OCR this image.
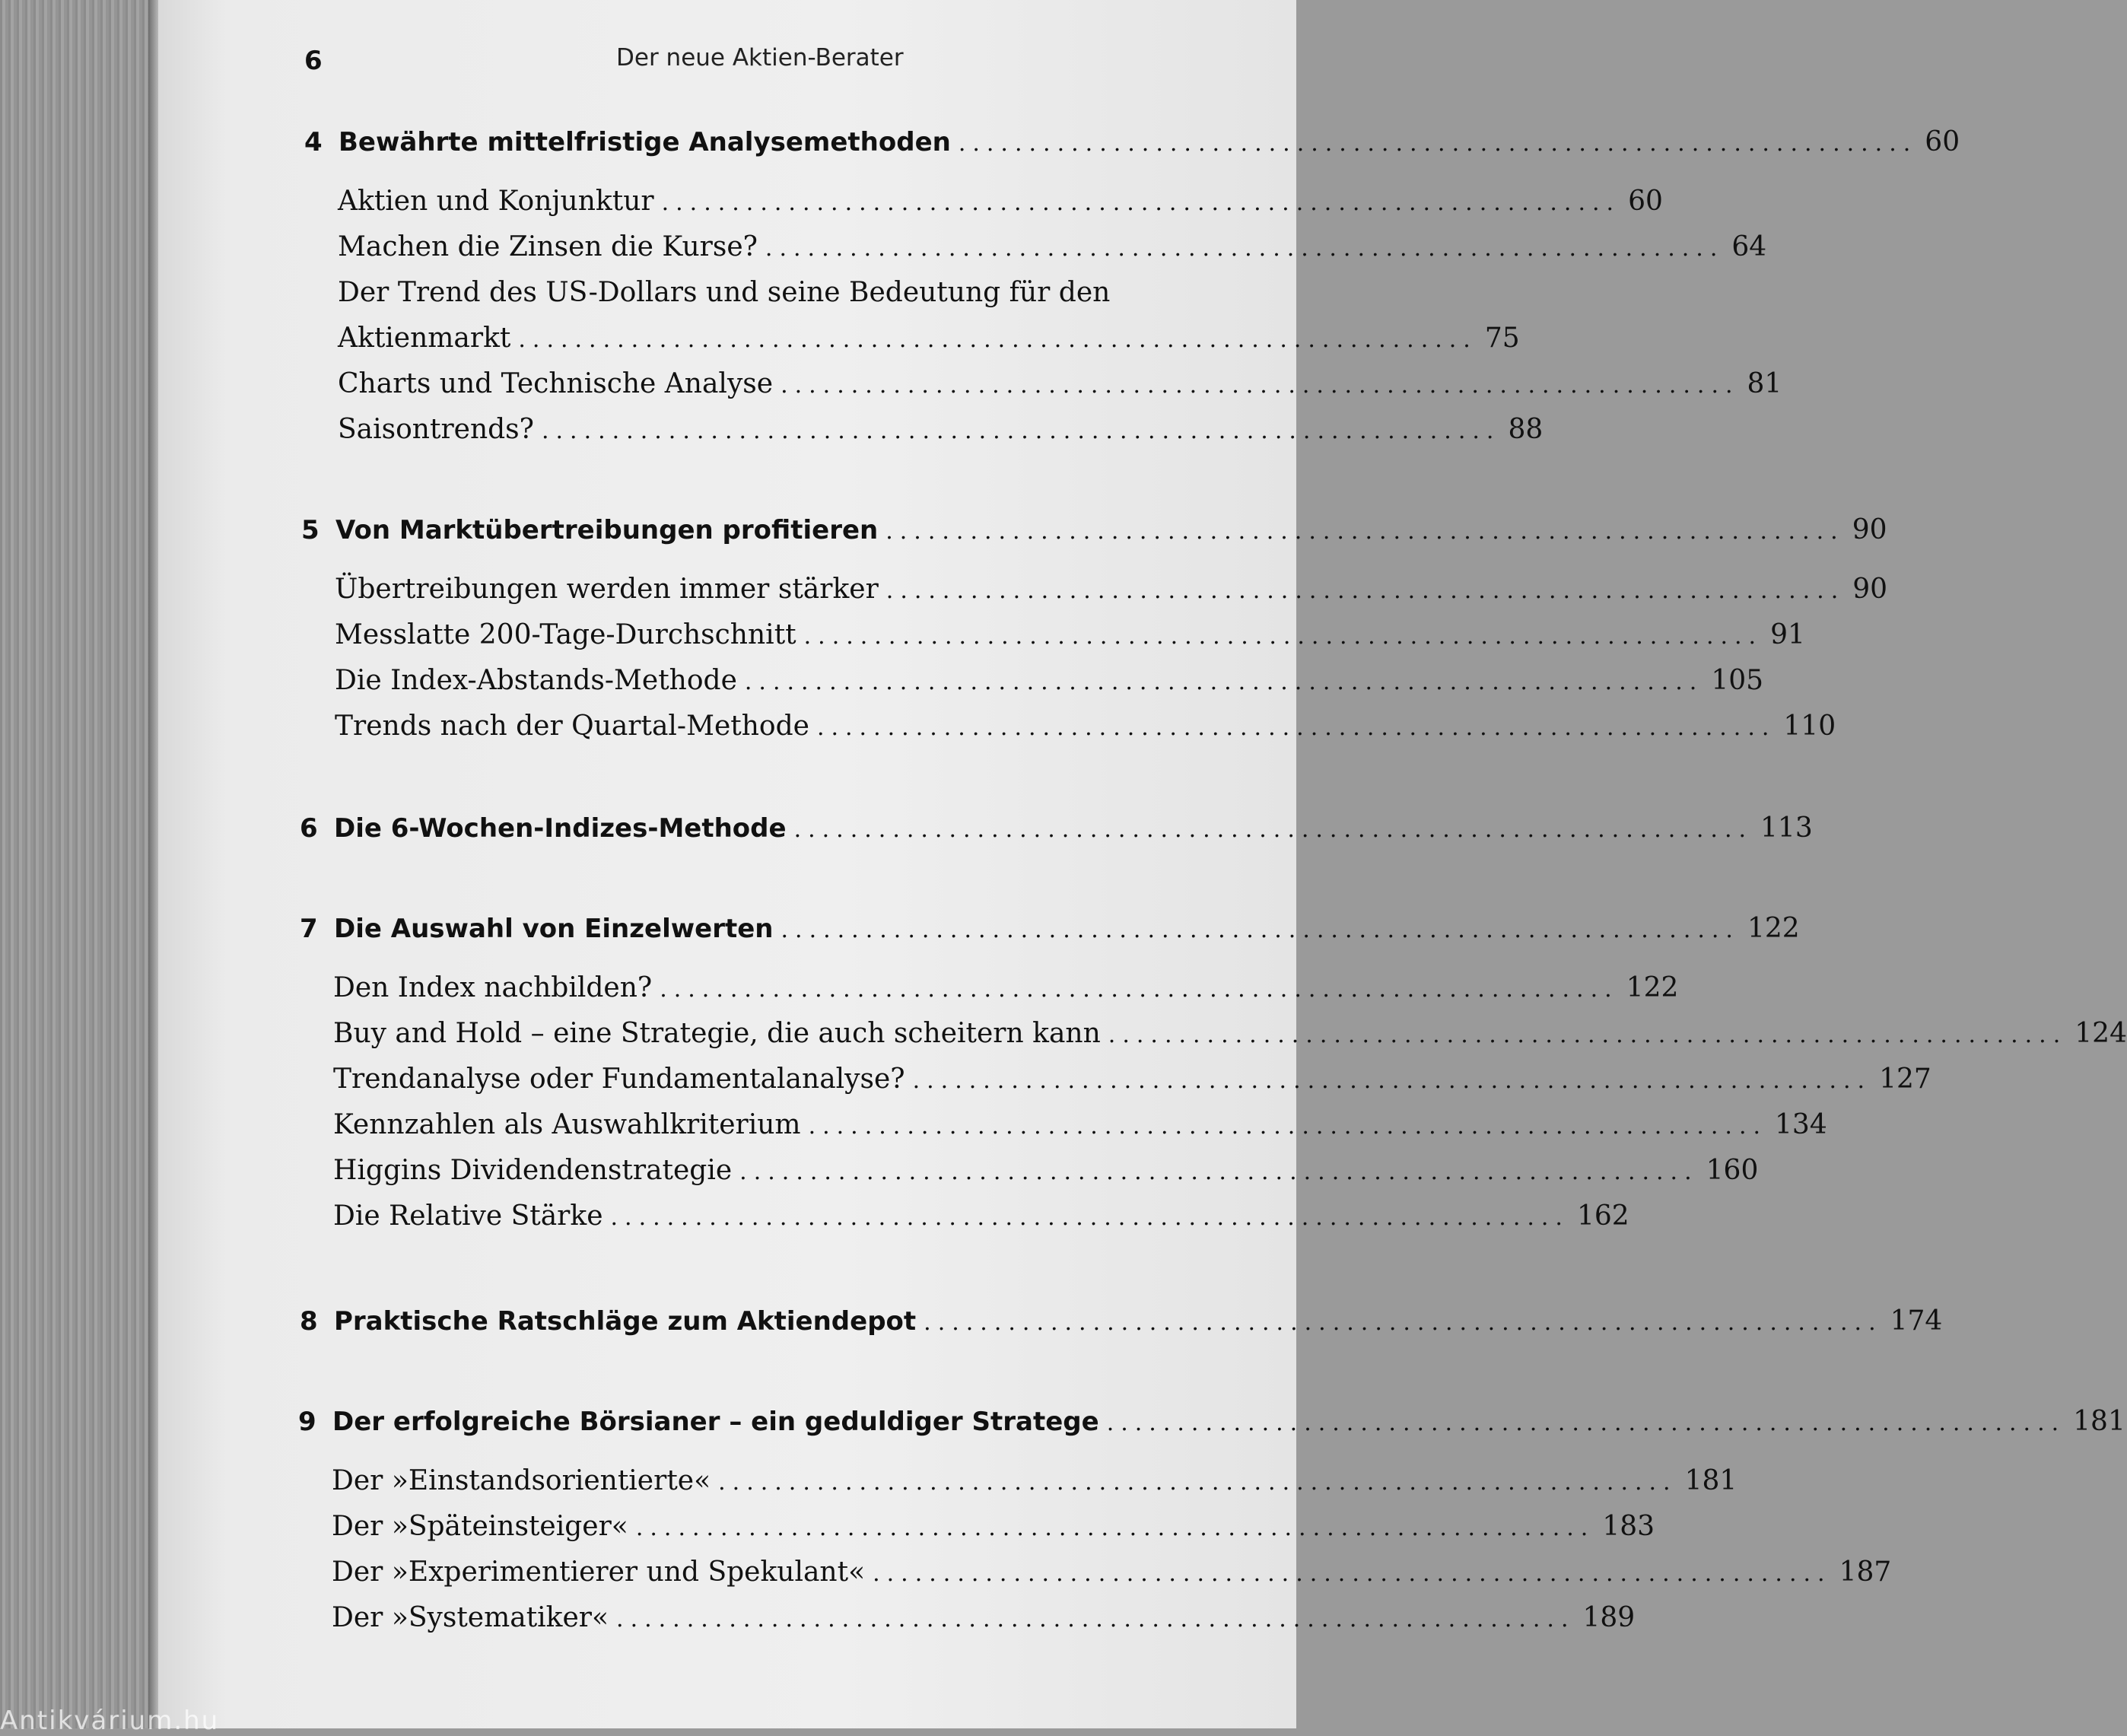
6	Der neue Aktien-Berater
4 Bewährte mittelfristige Analysemethoden .................................................................... 60
Aktien und Konjunktur .................................................................... 60
Machen die Zinsen die Kurse? .................................................................... 64
Der Trend des US-Dollars und seine Bedeutung für den
Aktienmarkt .................................................................... 75
Charts und Technische Analyse .................................................................... 81
Saisontrends? .................................................................... 88
5 Von Marktübertreibungen profitieren .................................................................... 90
Übertreibungen werden immer stärker .................................................................... 90
Messlatte 200-Tage-Durchschnitt .................................................................... 91
Die Index-Abstands-Methode .................................................................... 105
Trends nach der Quartal-Methode .................................................................... 110
6 Die 6-Wochen-Indizes-Methode .................................................................... 113
7 Die Auswahl von Einzelwerten .................................................................... 122
Den Index nachbilden? .................................................................... 122
Buy and Hold – eine Strategie, die auch scheitern kann .................................................................... 124
Trendanalyse oder Fundamentalanalyse? .................................................................... 127
Kennzahlen als Auswahlkriterium .................................................................... 134
Higgins Dividendenstrategie .................................................................... 160
Die Relative Stärke .................................................................... 162
8 Praktische Ratschläge zum Aktiendepot .................................................................... 174
9 Der erfolgreiche Börsianer – ein geduldiger Stratege .................................................................... 181
Der »Einstandsorientierte« .................................................................... 181
Der »Späteinsteiger« .................................................................... 183
Der »Experimentierer und Spekulant« .................................................................... 187
Der »Systematiker« .................................................................... 189
Antikvárium.hu
